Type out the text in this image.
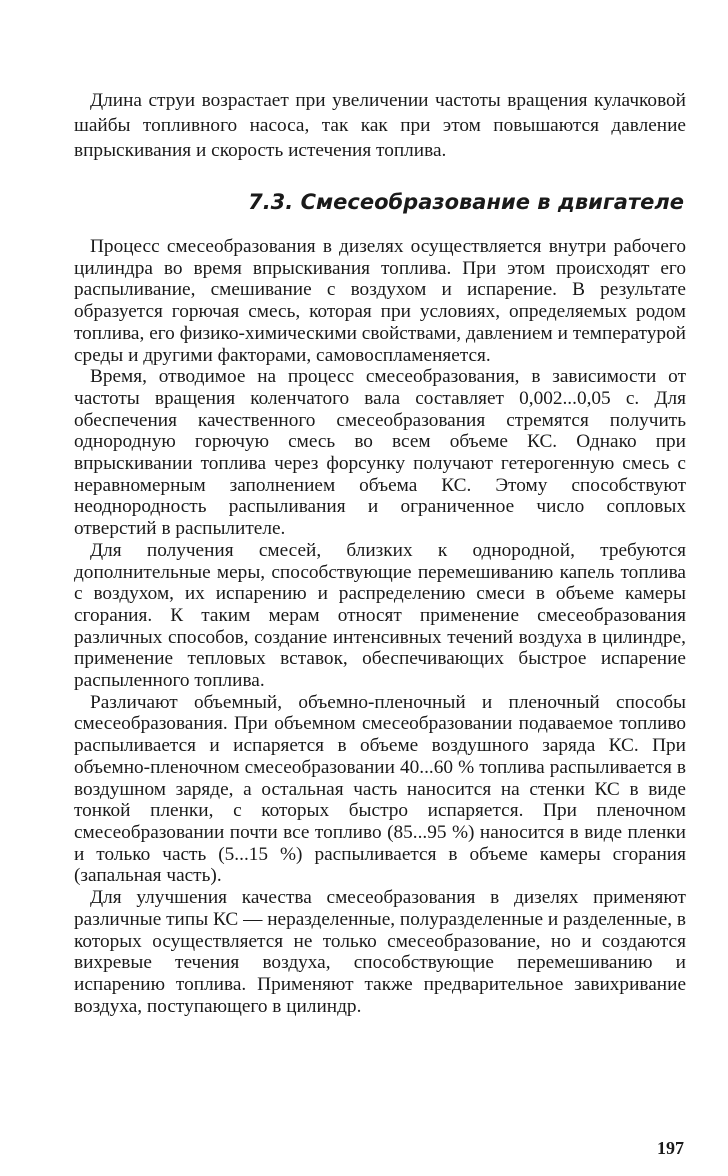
Длина струи возрастает при увеличении частоты вращения кулачковой шайбы топливного насоса, так как при этом повышаются давление впрыскивания и скорость истечения топлива.

7.3. Смесеобразование в двигателе

Процесс смесеобразования в дизелях осуществляется внутри рабочего цилиндра во время впрыскивания топлива. При этом происходят его распыливание, смешивание с воздухом и испарение. В результате образуется горючая смесь, которая при условиях, определяемых родом топлива, его физико-химическими свойствами, давлением и температурой среды и другими факторами, самовоспламеняется.

Время, отводимое на процесс смесеобразования, в зависимости от частоты вращения коленчатого вала составляет 0,002...0,05 с. Для обеспечения качественного смесеобразования стремятся получить однородную горючую смесь во всем объеме КС. Однако при впрыскивании топлива через форсунку получают гетерогенную смесь с неравномерным заполнением объема КС. Этому способствуют неоднородность распыливания и ограниченное число сопловых отверстий в распылителе.

Для получения смесей, близких к однородной, требуются дополнительные меры, способствующие перемешиванию капель топлива с воздухом, их испарению и распределению смеси в объеме камеры сгорания. К таким мерам относят применение смесеобразования различных способов, создание интенсивных течений воздуха в цилиндре, применение тепловых вставок, обеспечивающих быстрое испарение распыленного топлива.

Различают объемный, объемно-пленочный и пленочный способы смесеобразования. При объемном смесеобразовании подаваемое топливо распыливается и испаряется в объеме воздушного заряда КС. При объемно-пленочном смесеобразовании 40...60 % топлива распыливается в воздушном заряде, а остальная часть наносится на стенки КС в виде тонкой пленки, с которых быстро испаряется. При пленочном смесеобразовании почти все топливо (85...95 %) наносится в виде пленки и только часть (5...15 %) распыливается в объеме камеры сгорания (запальная часть).

Для улучшения качества смесеобразования в дизелях применяют различные типы КС — неразделенные, полуразделенные и разделенные, в которых осуществляется не только смесеобразование, но и создаются вихревые течения воздуха, способствующие перемешиванию и испарению топлива. Применяют также предварительное завихривание воздуха, поступающего в цилиндр.

197
